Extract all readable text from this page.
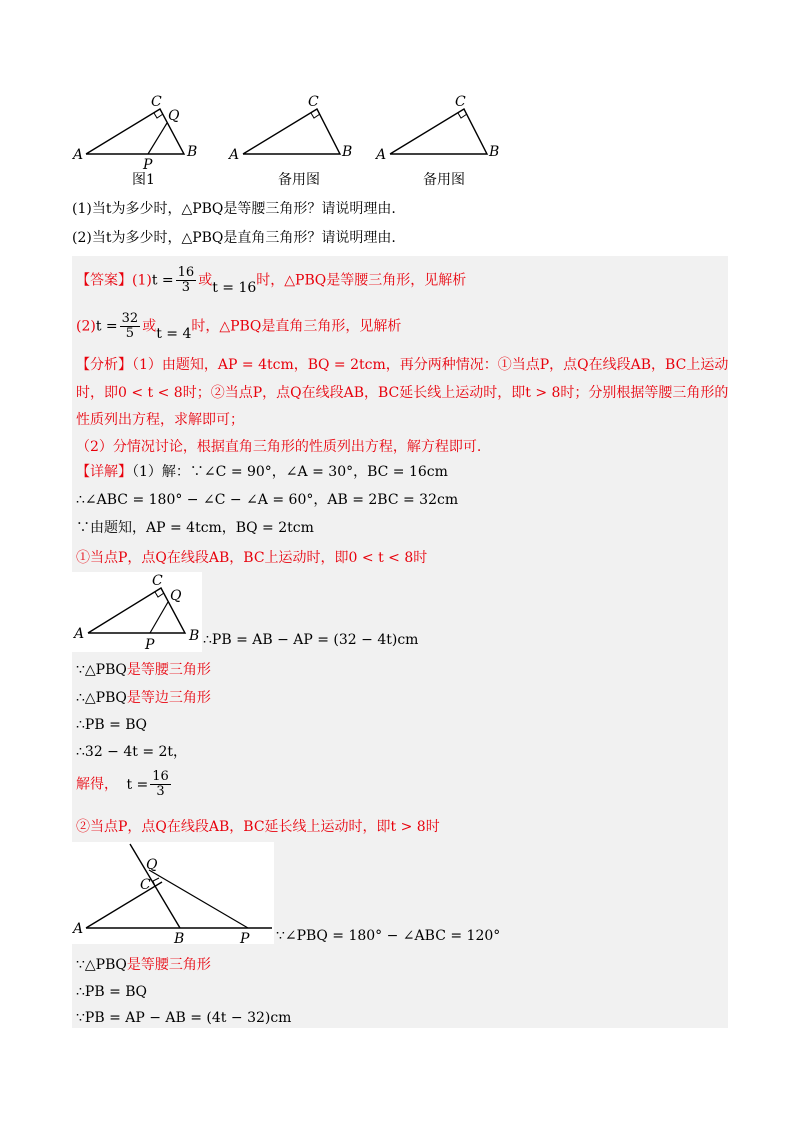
C
Q
A	B
P
图1
C
A	B
备用图
C
A	B
备用图
(1)当t为多少时，△PBQ是等腰三角形？请说明理由.
(2)当t为多少时，△PBQ是直角三角形？请说明理由.
【答案】$(1)t = \frac{16}{3}$ 或t = 16时，△PBQ是等腰三角形，见解析
$(2)t = \frac{32}{5}$ 或t = 4时，△PBQ是直角三角形，见解析
【分析】（1）由题知，AP = 4tcm，BQ = 2tcm，再分两种情况：①当点P，点Q在线段AB，BC上运动
时，即0 < t < 8时；②当点P，点Q在线段AB，BC延长线上运动时，即t > 8时；分别根据等腰三角形的
性质列出方程，求解即可；
（2）分情况讨论，根据直角三角形的性质列出方程，解方程即可.
【详解】（1）解：∵∠C = 90°，∠A = 30°，BC = 16cm
∴∠ABC = 180° − ∠C − ∠A = 60°，AB = 2BC = 32cm
∵由题知，AP = 4tcm，BQ = 2tcm
①当点P，点Q在线段AB，BC上运动时，即0 < t < 8时
C
Q
A	B
P	∴PB = AB − AP = (32 − 4t)cm
∵△PBQ是等腰三角形
∴△PBQ是等边三角形
∴PB = BQ
∴32 − 4t = 2t，
解得， $t = \frac{16}{3}$
②当点P，点Q在线段AB，BC延长线上运动时，即t > 8时
Q
C
A
B	P ∵∠PBQ = 180° − ∠ABC = 120°
∵△PBQ是等腰三角形
∴PB = BQ
∵PB = AP − AB = (4t − 32)cm
